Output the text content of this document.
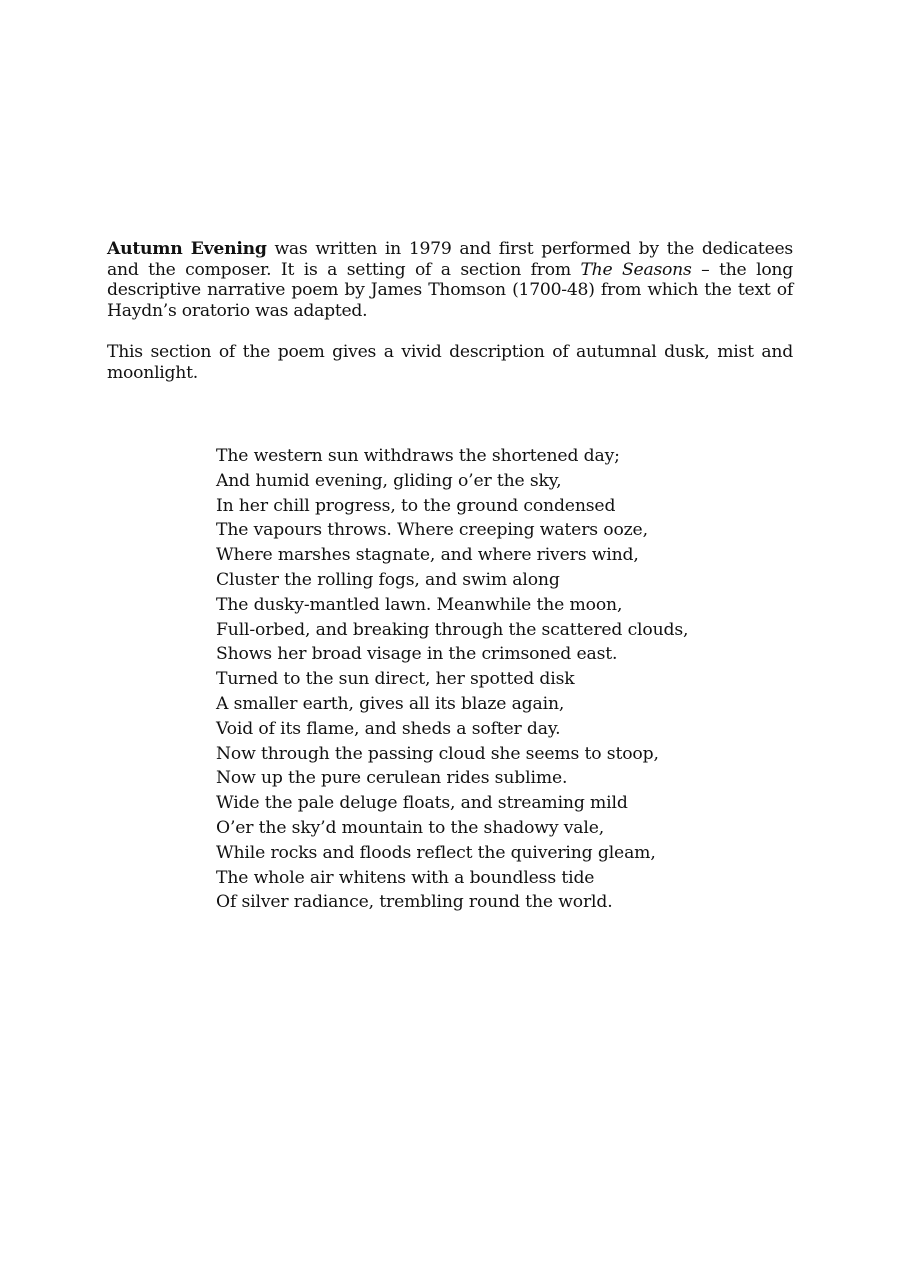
Autumn Evening was written in 1979 and first performed by the dedicatees and the composer. It is a setting of a section from The Seasons – the long descriptive narrative poem by James Thomson (1700-48) from which the text of Haydn’s oratorio was adapted.

This section of the poem gives a vivid description of autumnal dusk, mist and moonlight.

The western sun withdraws the shortened day;
And humid evening, gliding o’er the sky,
In her chill progress, to the ground condensed
The vapours throws. Where creeping waters ooze,
Where marshes stagnate, and where rivers wind,
Cluster the rolling fogs, and swim along
The dusky-mantled lawn. Meanwhile the moon,
Full-orbed, and breaking through the scattered clouds,
Shows her broad visage in the crimsoned east.
Turned to the sun direct, her spotted disk
A smaller earth, gives all its blaze again,
Void of its flame, and sheds a softer day.
Now through the passing cloud she seems to stoop,
Now up the pure cerulean rides sublime.
Wide the pale deluge floats, and streaming mild
O’er the sky’d mountain to the shadowy vale,
While rocks and floods reflect the quivering gleam,
The whole air whitens with a boundless tide
Of silver radiance, trembling round the world.
